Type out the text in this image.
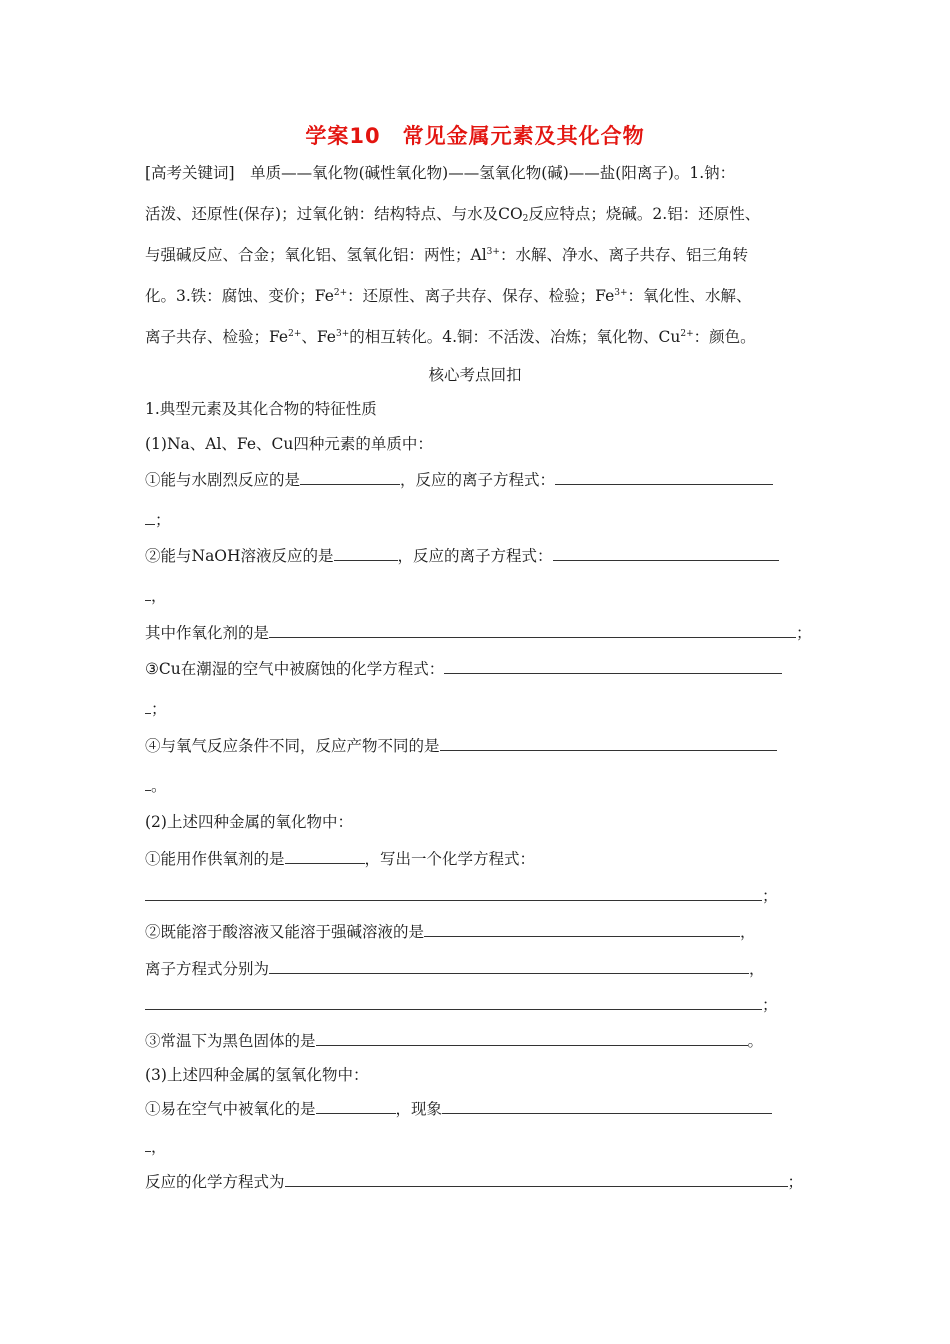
学案10　常见金属元素及其化合物
[高考关键词]　单质——氧化物(碱性氧化物)——氢氧化物(碱)——盐(阳离子)。1.钠：
活泼、还原性(保存)；过氧化钠：结构特点、与水及$CO_2$反应特点；烧碱。2.铝：还原性、
与强碱反应、合金；氧化铝、氢氧化铝：两性；$Al^{3+}$：水解、净水、离子共存、铝三角转
化。3.铁：腐蚀、变价；$Fe^{2+}$：还原性、离子共存、保存、检验；$Fe^{3+}$：氧化性、水解、
离子共存、检验；$Fe^{2+}$、$Fe^{3+}$的相互转化。4.铜：不活泼、冶炼；氧化物、$Cu^{2+}$：颜色。
核心考点回扣
1.典型元素及其化合物的特征性质
(1)Na、Al、Fe、Cu四种元素的单质中：
①能与水剧烈反应的是	，反应的离子方程式：
；
②能与NaOH溶液反应的是	，反应的离子方程式：
，
其中作氧化剂的是	；
③Cu在潮湿的空气中被腐蚀的化学方程式：
；
④与氧气反应条件不同，反应产物不同的是
。
(2)上述四种金属的氧化物中：
①能用作供氧剂的是	，写出一个化学方程式：
；
②既能溶于酸溶液又能溶于强碱溶液的是	，
离子方程式分别为	，
；
③常温下为黑色固体的是	。
(3)上述四种金属的氢氧化物中：
①易在空气中被氧化的是	，现象
，
反应的化学方程式为	；
